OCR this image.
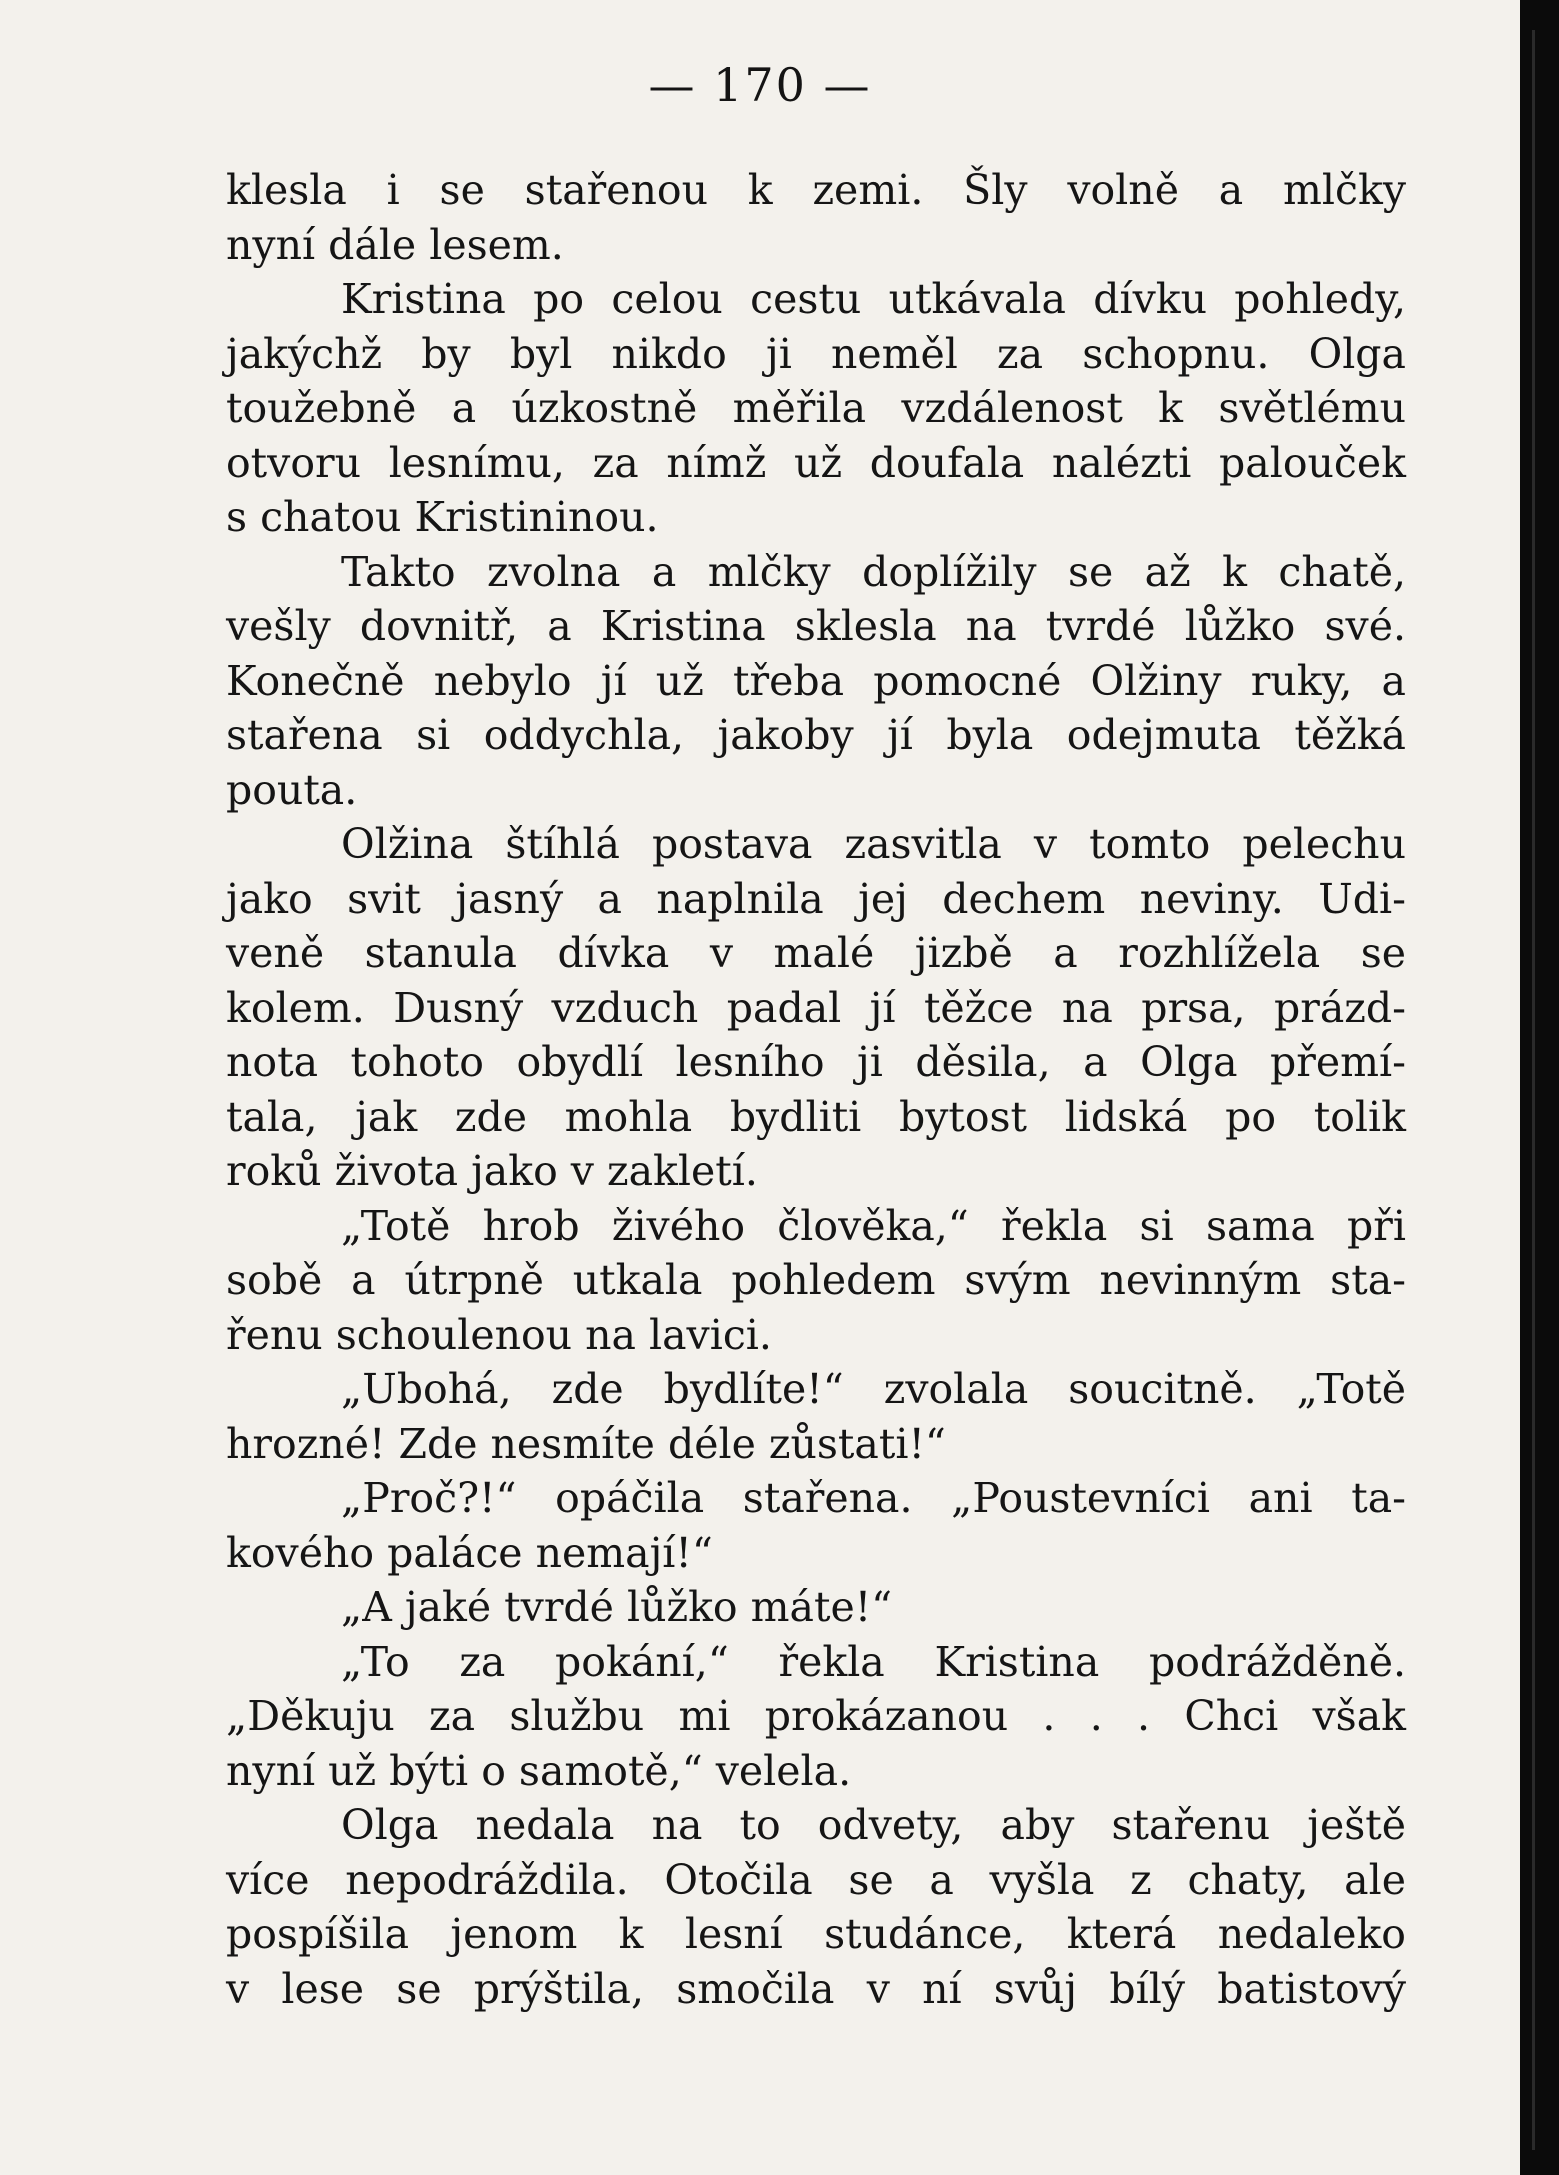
— 170 —
klesla i se stařenou k zemi. Šly volně a mlčky
nyní dále lesem.
Kristina po celou cestu utkávala dívku pohledy,
jakýchž by byl nikdo ji neměl za schopnu. Olga
toužebně a úzkostně měřila vzdálenost k světlému
otvoru lesnímu, za nímž už doufala nalézti palouček
s chatou Kristininou.
Takto zvolna a mlčky doplížily se až k chatě,
vešly dovnitř, a Kristina sklesla na tvrdé lůžko své.
Konečně nebylo jí už třeba pomocné Olžiny ruky, a
stařena si oddychla, jakoby jí byla odejmuta těžká
pouta.
Olžina štíhlá postava zasvitla v tomto pelechu
jako svit jasný a naplnila jej dechem neviny. Udi-
veně stanula dívka v malé jizbě a rozhlížela se
kolem. Dusný vzduch padal jí těžce na prsa, prázd-
nota tohoto obydlí lesního ji děsila, a Olga přemí-
tala, jak zde mohla bydliti bytost lidská po tolik
roků života jako v zakletí.
„Totě hrob živého člověka,“ řekla si sama při
sobě a útrpně utkala pohledem svým nevinným sta-
řenu schoulenou na lavici.
„Ubohá, zde bydlíte!“ zvolala soucitně. „Totě
hrozné! Zde nesmíte déle zůstati!“
„Proč?!“ opáčila stařena. „Poustevníci ani ta-
kového paláce nemají!“
„A jaké tvrdé lůžko máte!“
„To za pokání,“ řekla Kristina podrážděně.
„Děkuju za službu mi prokázanou . . . Chci však
nyní už býti o samotě,“ velela.
Olga nedala na to odvety, aby stařenu ještě
více nepodráždila. Otočila se a vyšla z chaty, ale
pospíšila jenom k lesní studánce, která nedaleko
v lese se prýštila, smočila v ní svůj bílý batistový
